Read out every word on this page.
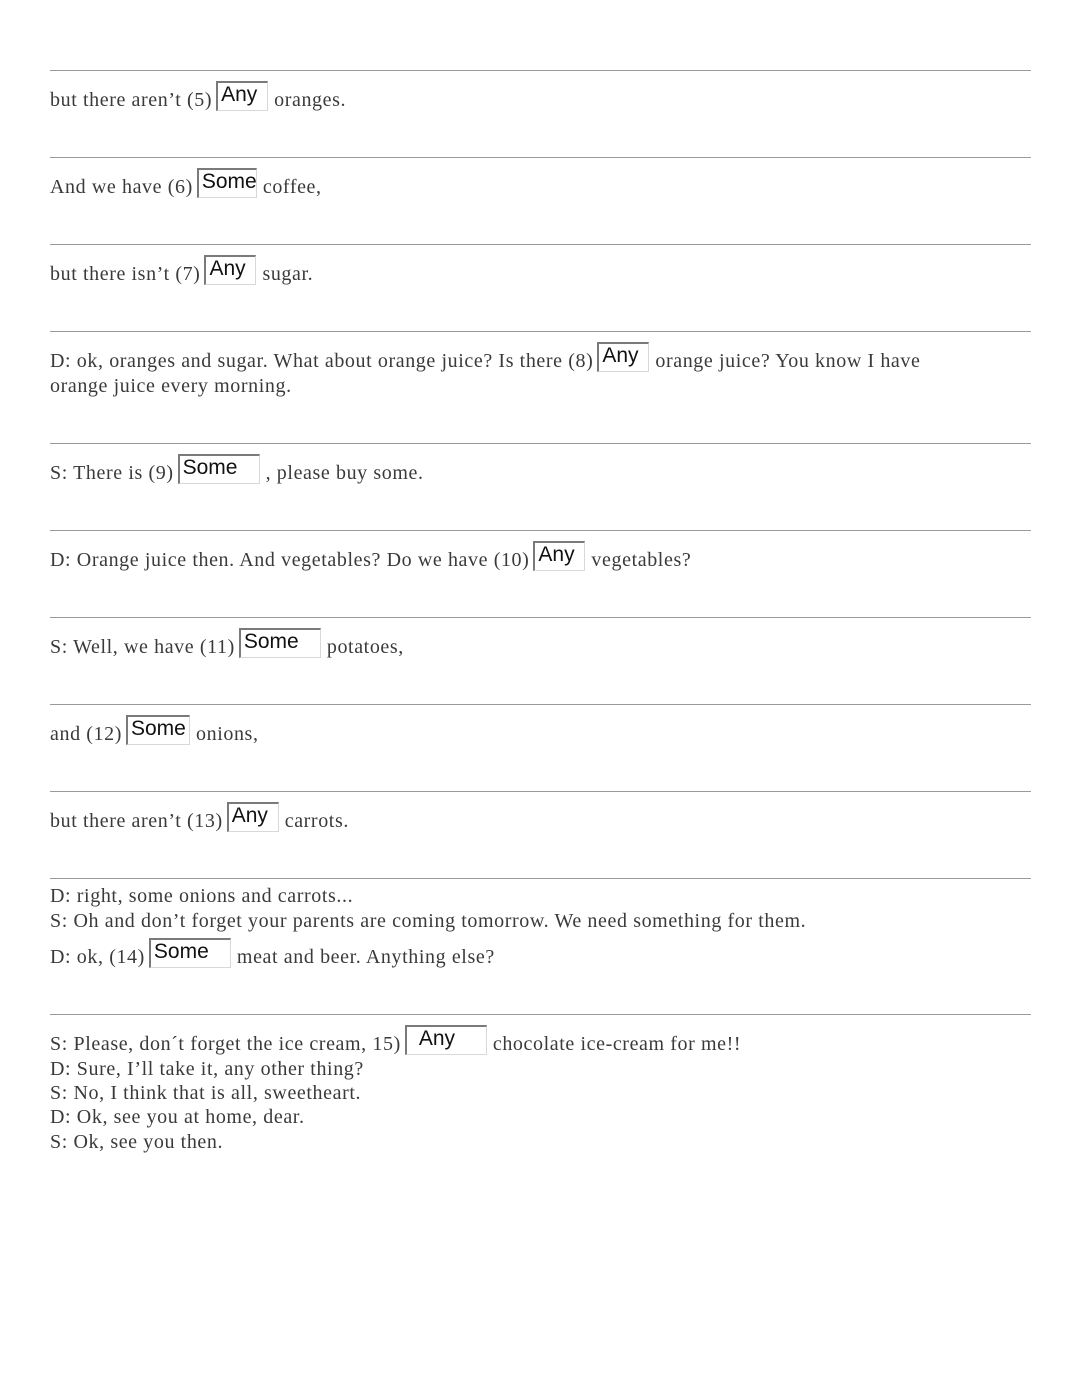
but there aren’t (5) Any oranges.
And we have (6) Some coffee,
but there isn’t (7) Any sugar.
D: ok, oranges and sugar. What about orange juice? Is there (8) Any orange juice? You know I have
orange juice every morning.
S: There is (9) Some , please buy some.
D: Orange juice then. And vegetables? Do we have (10) Any vegetables?
S: Well, we have (11) Some potatoes,
and (12) Some onions,
but there aren’t (13) Any carrots.
D: right, some onions and carrots...
S: Oh and don’t forget your parents are coming tomorrow. We need something for them.
D: ok, (14) Some meat and beer. Anything else?
S: Please, don´t forget the ice cream, 15) Any chocolate ice-cream for me!!
D: Sure, I’ll take it, any other thing?
S: No, I think that is all, sweetheart.
D: Ok, see you at home, dear.
S: Ok, see you then.
